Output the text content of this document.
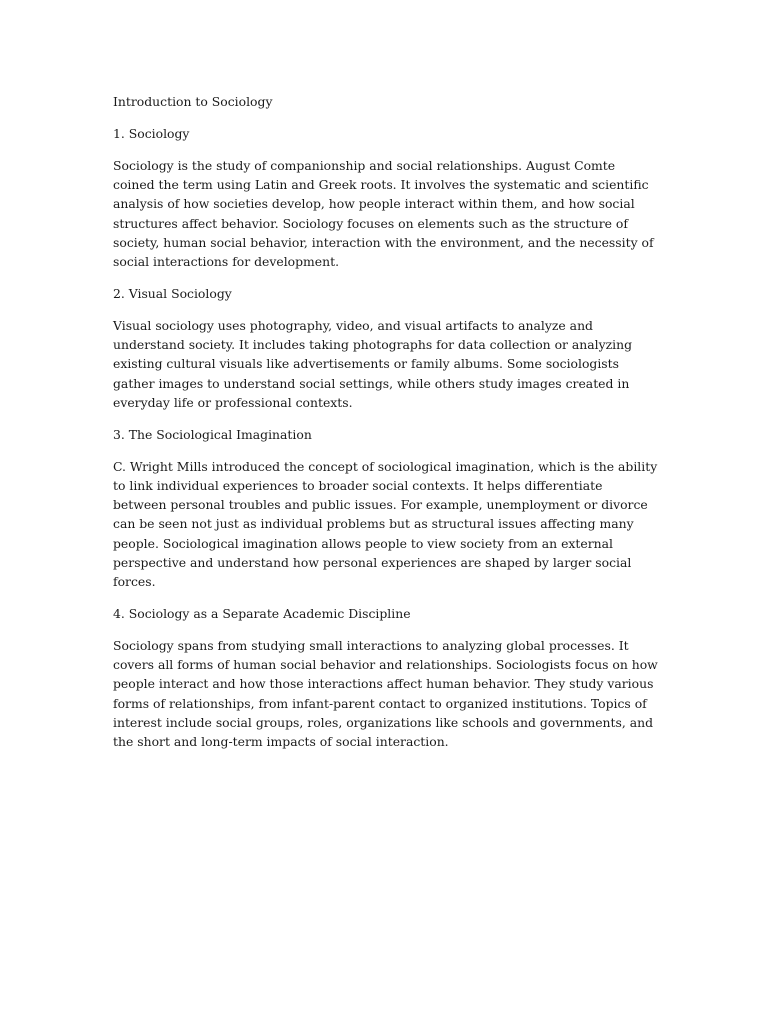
Introduction to Sociology
1. Sociology
Sociology is the study of companionship and social relationships. August Comte coined the term using Latin and Greek roots. It involves the systematic and scientific analysis of how societies develop, how people interact within them, and how social structures affect behavior. Sociology focuses on elements such as the structure of society, human social behavior, interaction with the environment, and the necessity of social interactions for development.
2. Visual Sociology
Visual sociology uses photography, video, and visual artifacts to analyze and understand society. It includes taking photographs for data collection or analyzing existing cultural visuals like advertisements or family albums. Some sociologists gather images to understand social settings, while others study images created in everyday life or professional contexts.
3. The Sociological Imagination
C. Wright Mills introduced the concept of sociological imagination, which is the ability to link individual experiences to broader social contexts. It helps differentiate between personal troubles and public issues. For example, unemployment or divorce can be seen not just as individual problems but as structural issues affecting many people. Sociological imagination allows people to view society from an external perspective and understand how personal experiences are shaped by larger social forces.
4. Sociology as a Separate Academic Discipline
Sociology spans from studying small interactions to analyzing global processes. It covers all forms of human social behavior and relationships. Sociologists focus on how people interact and how those interactions affect human behavior. They study various forms of relationships, from infant-parent contact to organized institutions. Topics of interest include social groups, roles, organizations like schools and governments, and the short and long-term impacts of social interaction.
